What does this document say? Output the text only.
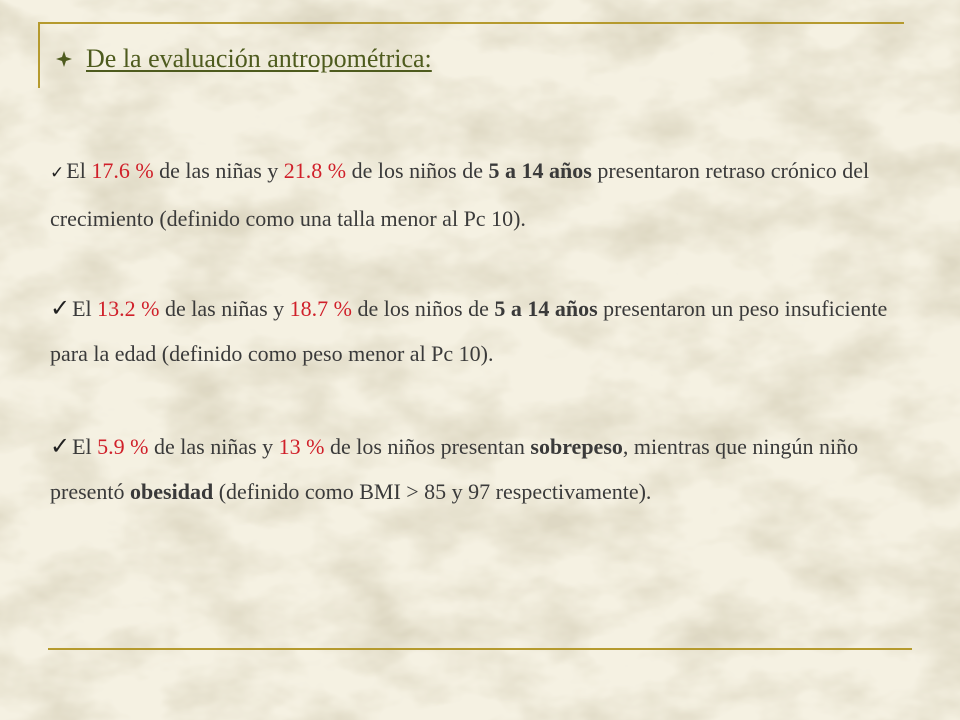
De la evaluación antropométrica:
✓El 17.6 % de las niñas y 21.8 % de los niños de 5 a 14 años presentaron retraso crónico del crecimiento (definido como una talla menor al Pc 10).
✓El 13.2 % de las niñas y 18.7 % de los niños de 5 a 14 años presentaron un peso insuficiente para la edad (definido como peso menor al Pc 10).
✓El 5.9 % de las niñas y 13 % de los niños presentan sobrepeso, mientras que ningún niño presentó obesidad (definido como BMI > 85 y 97 respectivamente).
